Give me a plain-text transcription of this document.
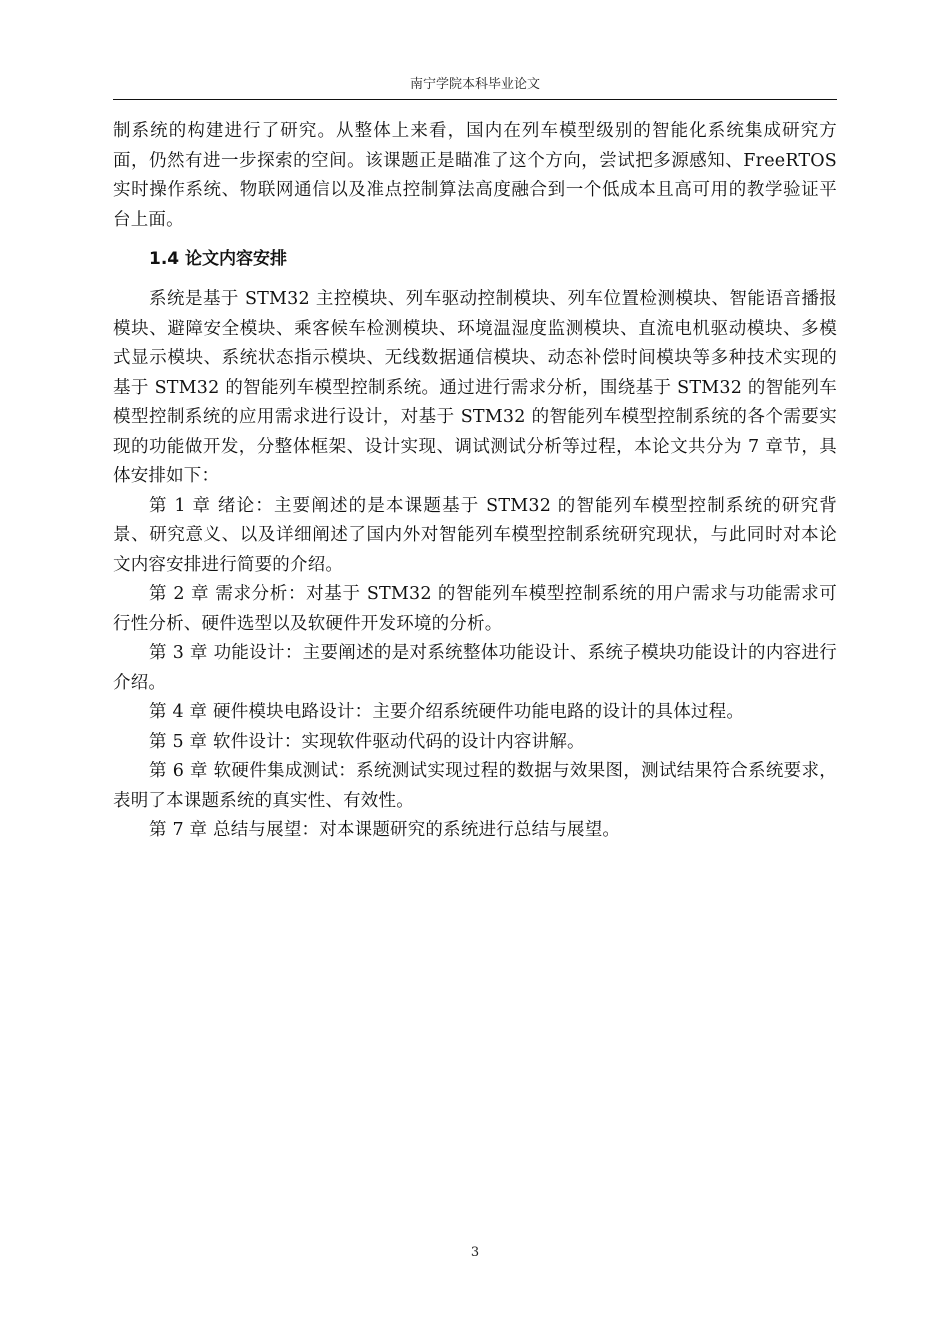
南宁学院本科毕业论文

制系统的构建进行了研究。从整体上来看，国内在列车模型级别的智能化系统集成研究方面，仍然有进一步探索的空间。该课题正是瞄准了这个方向，尝试把多源感知、FreeRTOS 实时操作系统、物联网通信以及准点控制算法高度融合到一个低成本且高可用的教学验证平台上面。

1.4 论文内容安排

系统是基于 STM32 主控模块、列车驱动控制模块、列车位置检测模块、智能语音播报模块、避障安全模块、乘客候车检测模块、环境温湿度监测模块、直流电机驱动模块、多模式显示模块、系统状态指示模块、无线数据通信模块、动态补偿时间模块等多种技术实现的基于 STM32 的智能列车模型控制系统。通过进行需求分析，围绕基于 STM32 的智能列车模型控制系统的应用需求进行设计，对基于 STM32 的智能列车模型控制系统的各个需要实现的功能做开发，分整体框架、设计实现、调试测试分析等过程，本论文共分为 7 章节，具体安排如下：

第 1 章 绪论：主要阐述的是本课题基于 STM32 的智能列车模型控制系统的研究背景、研究意义、以及详细阐述了国内外对智能列车模型控制系统研究现状，与此同时对本论文内容安排进行简要的介绍。

第 2 章 需求分析：对基于 STM32 的智能列车模型控制系统的用户需求与功能需求可行性分析、硬件选型以及软硬件开发环境的分析。

第 3 章 功能设计：主要阐述的是对系统整体功能设计、系统子模块功能设计的内容进行介绍。

第 4 章 硬件模块电路设计：主要介绍系统硬件功能电路的设计的具体过程。

第 5 章 软件设计：实现软件驱动代码的设计内容讲解。

第 6 章 软硬件集成测试：系统测试实现过程的数据与效果图，测试结果符合系统要求，表明了本课题系统的真实性、有效性。

第 7 章 总结与展望：对本课题研究的系统进行总结与展望。

3
